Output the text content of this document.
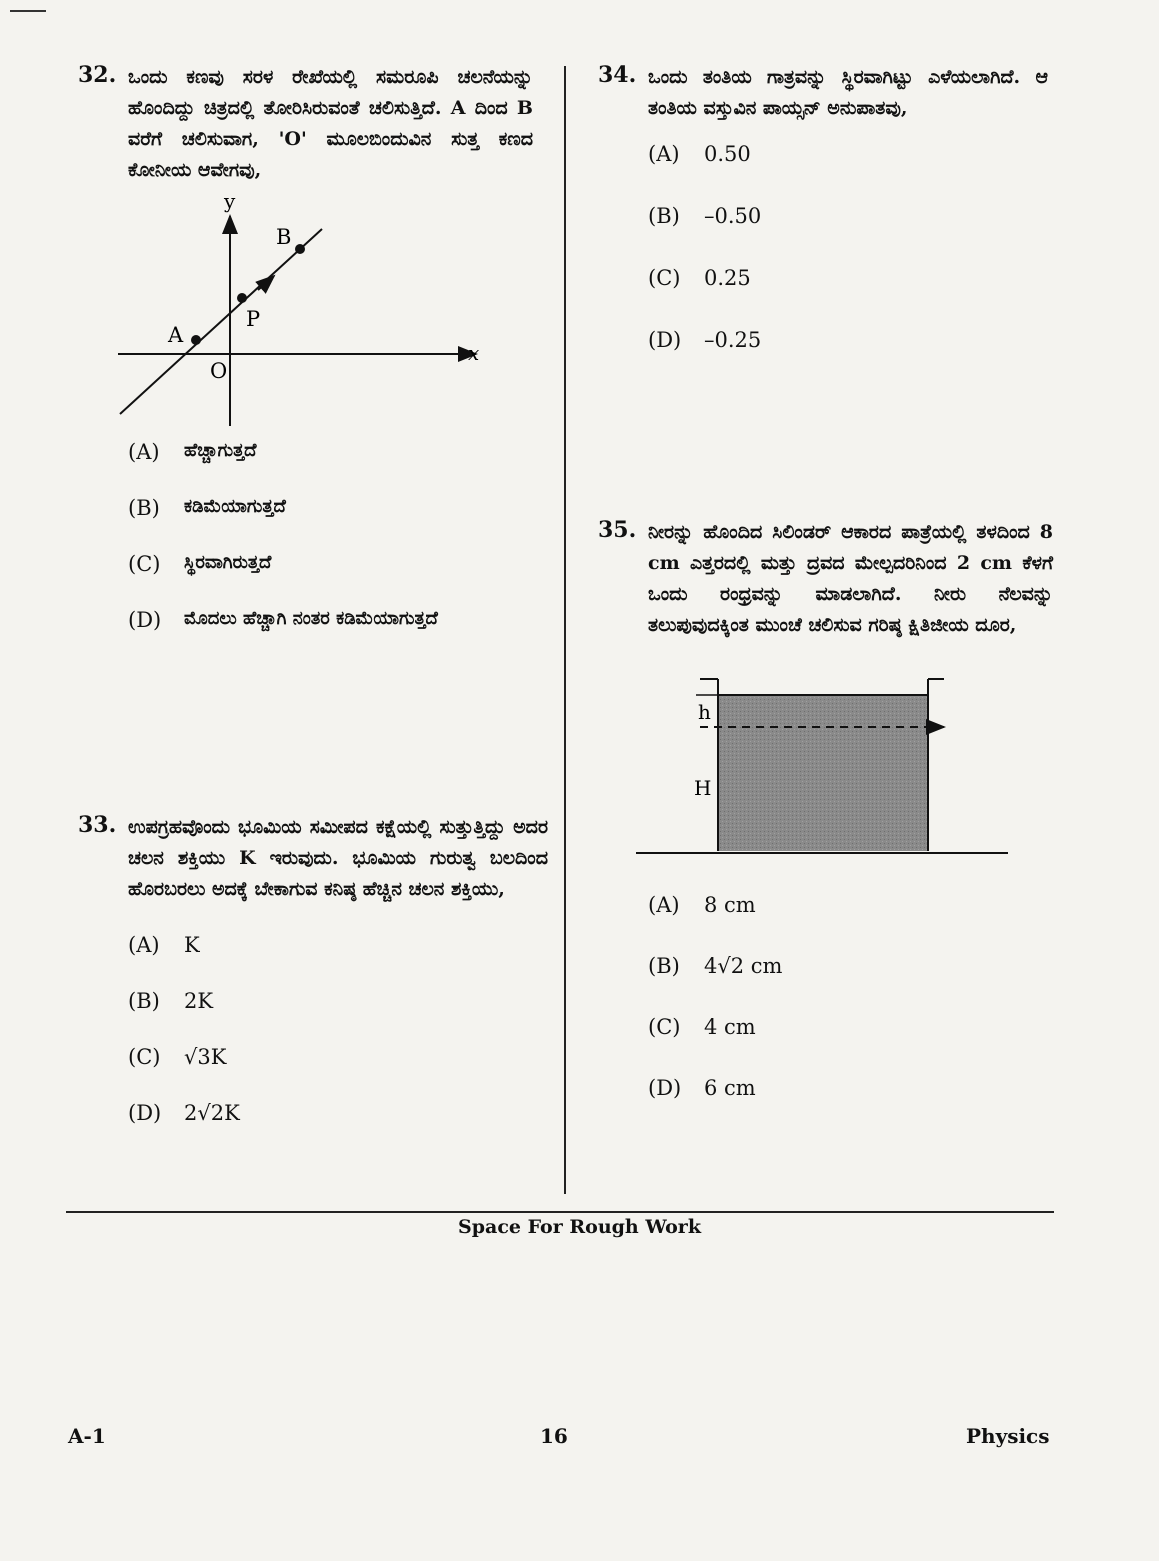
32. ಒಂದು ಕಣವು ಸರಳ ರೇಖೆಯಲ್ಲಿ ಸಮರೂಪಿ ಚಲನೆಯನ್ನು ಹೊಂದಿದ್ದು ಚಿತ್ರದಲ್ಲಿ ತೋರಿಸಿರುವಂತೆ ಚಲಿಸುತ್ತಿದೆ. A ದಿಂದ B ವರೆಗೆ ಚಲಿಸುವಾಗ, 'O' ಮೂಲಬಿಂದುವಿನ ಸುತ್ತ ಕಣದ ಕೋನೀಯ ಆವೇಗವು,
y
x
B
P
A
O
(A)	ಹೆಚ್ಚಾಗುತ್ತದೆ
(B)	ಕಡಿಮೆಯಾಗುತ್ತದೆ
(C)	ಸ್ಥಿರವಾಗಿರುತ್ತದೆ
(D)	ಮೊದಲು ಹೆಚ್ಚಾಗಿ ನಂತರ ಕಡಿಮೆಯಾಗುತ್ತದೆ
33. ಉಪಗ್ರಹವೊಂದು ಭೂಮಿಯ ಸಮೀಪದ ಕಕ್ಷೆಯಲ್ಲಿ ಸುತ್ತುತ್ತಿದ್ದು ಅದರ ಚಲನ ಶಕ್ತಿಯು K ಇರುವುದು. ಭೂಮಿಯ ಗುರುತ್ವ ಬಲದಿಂದ ಹೊರಬರಲು ಅದಕ್ಕೆ ಬೇಕಾಗುವ ಕನಿಷ್ಠ ಹೆಚ್ಚಿನ ಚಲನ ಶಕ್ತಿಯು,
(A)	K
(B)	2K
(C)	√3K
(D)	2√2K
34. ಒಂದು ತಂತಿಯ ಗಾತ್ರವನ್ನು ಸ್ಥಿರವಾಗಿಟ್ಟು ಎಳೆಯಲಾಗಿದೆ. ಆ ತಂತಿಯ ವಸ್ತುವಿನ ಪಾಯ್ಸನ್ ಅನುಪಾತವು,
(A)	0.50
(B)	–0.50
(C)	0.25
(D)	–0.25
35. ನೀರನ್ನು ಹೊಂದಿದ ಸಿಲಿಂಡರ್ ಆಕಾರದ ಪಾತ್ರೆಯಲ್ಲಿ ತಳದಿಂದ 8 cm ಎತ್ತರದಲ್ಲಿ ಮತ್ತು ದ್ರವದ ಮೇಲ್ಪದರಿನಿಂದ 2 cm ಕೆಳಗೆ ಒಂದು ರಂಧ್ರವನ್ನು ಮಾಡಲಾಗಿದೆ. ನೀರು ನೆಲವನ್ನು ತಲುಪುವುದಕ್ಕಿಂತ ಮುಂಚೆ ಚಲಿಸುವ ಗರಿಷ್ಠ ಕ್ಷಿತಿಜೀಯ ದೂರ,
h
H
(A)	8 cm
(B)	4√2 cm
(C)	4 cm
(D)	6 cm
Space For Rough Work
A-1	16	Physics
